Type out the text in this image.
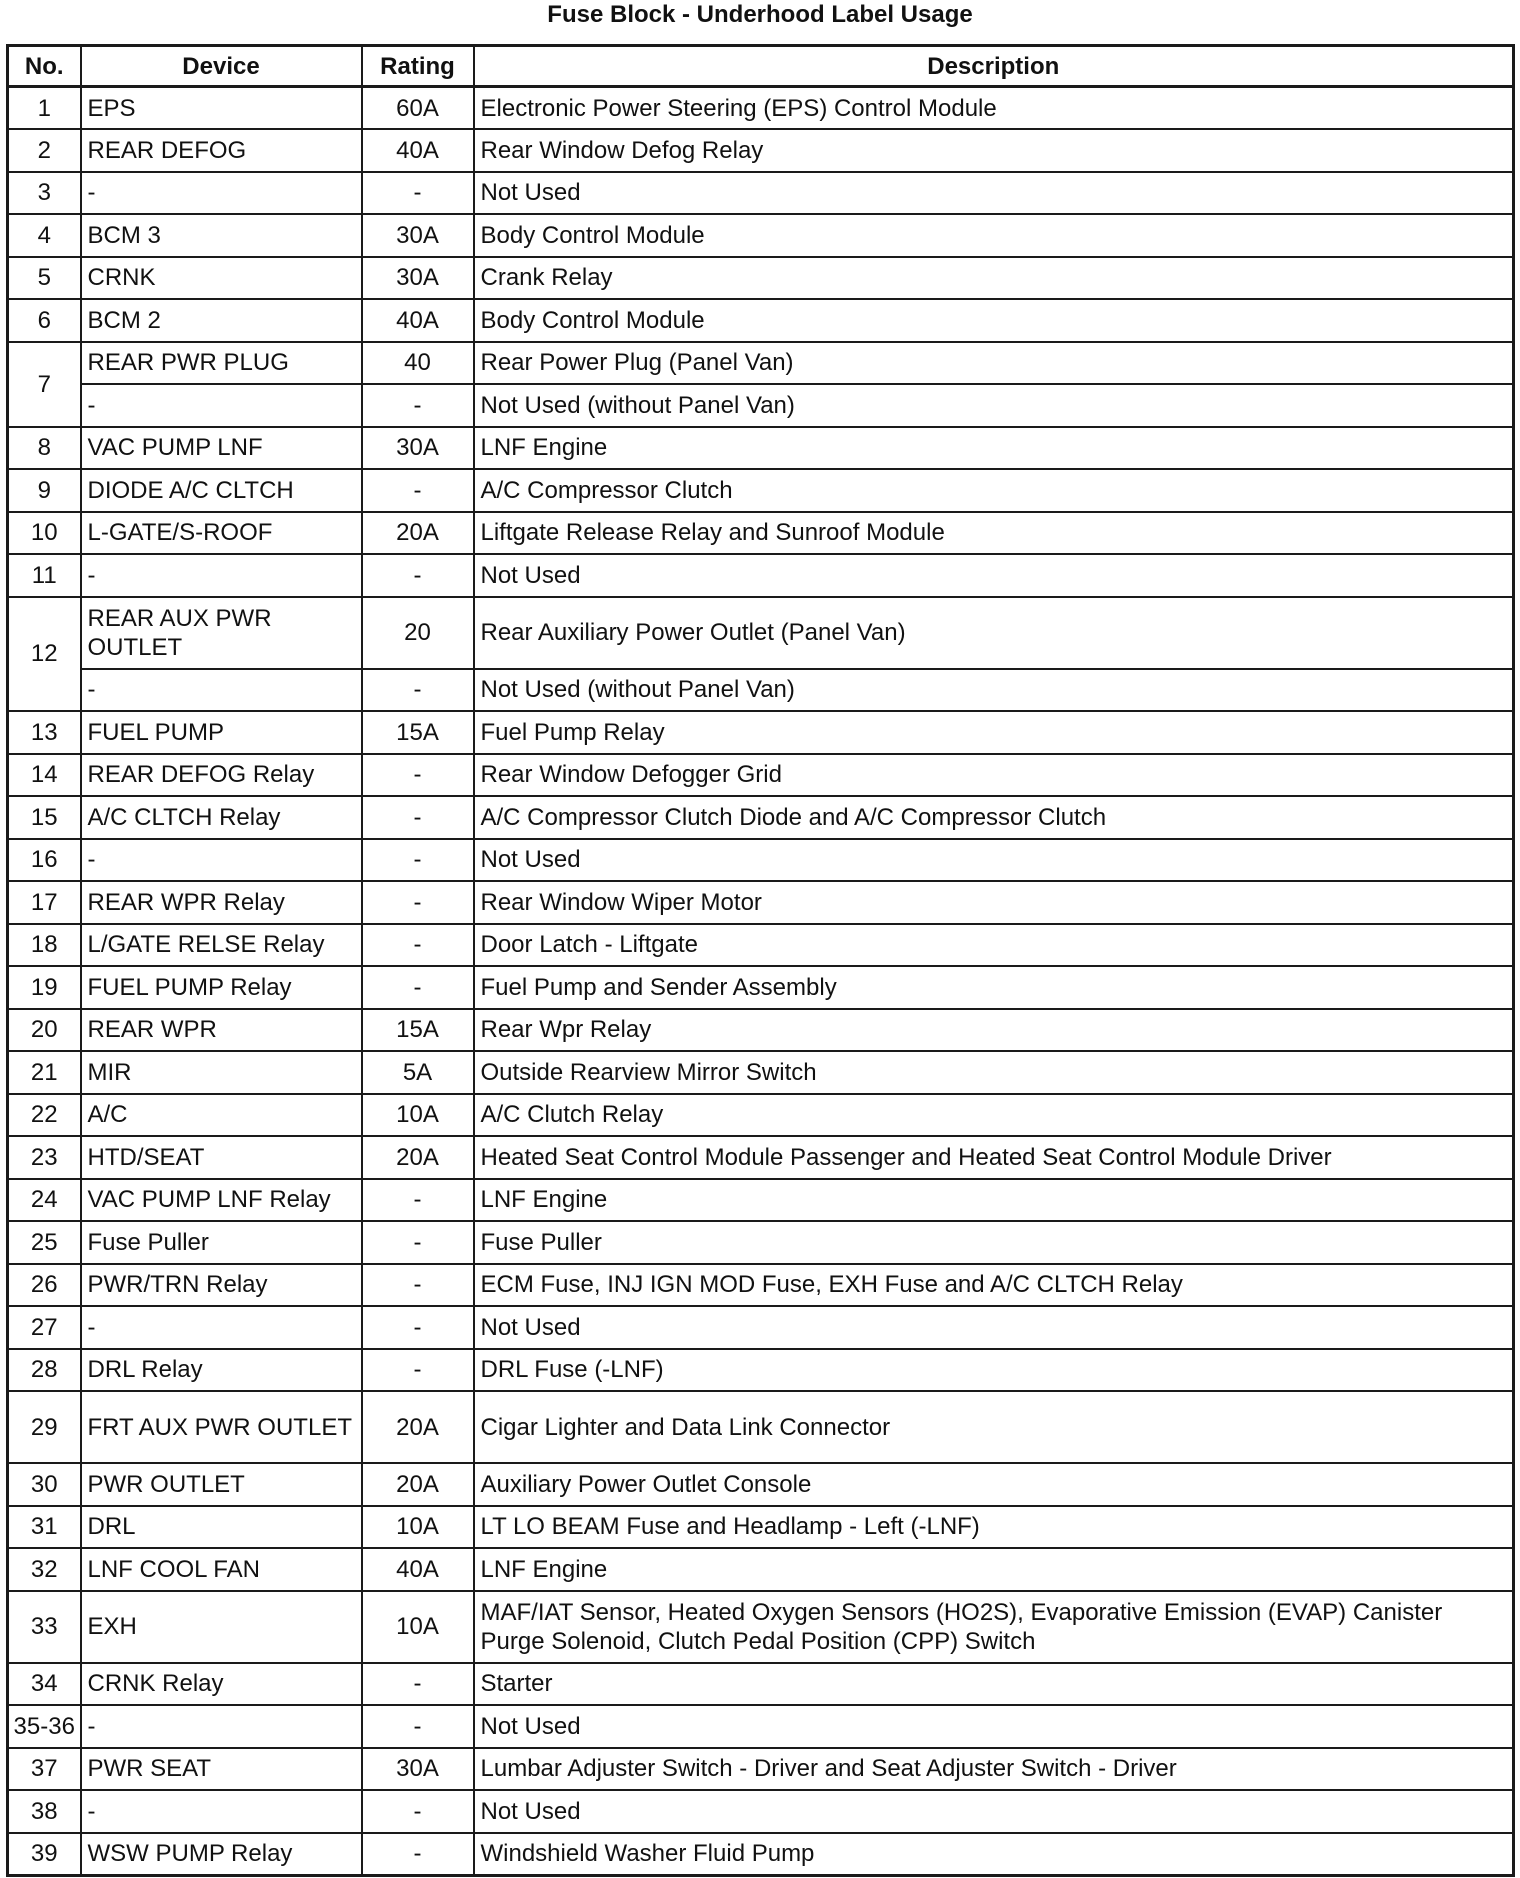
Fuse Block - Underhood Label Usage
No.	Device	Rating	Description
1	EPS	60A	Electronic Power Steering (EPS) Control Module
2	REAR DEFOG	40A	Rear Window Defog Relay
3	-	-	Not Used
4	BCM 3	30A	Body Control Module
5	CRNK	30A	Crank Relay
6	BCM 2	40A	Body Control Module
7	REAR PWR PLUG	40	Rear Power Plug (Panel Van)
	-	-	Not Used (without Panel Van)
8	VAC PUMP LNF	30A	LNF Engine
9	DIODE A/C CLTCH	-	A/C Compressor Clutch
10	L-GATE/S-ROOF	20A	Liftgate Release Relay and Sunroof Module
11	-	-	Not Used
12	REAR AUX PWR OUTLET	20	Rear Auxiliary Power Outlet (Panel Van)
	-	-	Not Used (without Panel Van)
13	FUEL PUMP	15A	Fuel Pump Relay
14	REAR DEFOG Relay	-	Rear Window Defogger Grid
15	A/C CLTCH Relay	-	A/C Compressor Clutch Diode and A/C Compressor Clutch
16	-	-	Not Used
17	REAR WPR Relay	-	Rear Window Wiper Motor
18	L/GATE RELSE Relay	-	Door Latch - Liftgate
19	FUEL PUMP Relay	-	Fuel Pump and Sender Assembly
20	REAR WPR	15A	Rear Wpr Relay
21	MIR	5A	Outside Rearview Mirror Switch
22	A/C	10A	A/C Clutch Relay
23	HTD/SEAT	20A	Heated Seat Control Module Passenger and Heated Seat Control Module Driver
24	VAC PUMP LNF Relay	-	LNF Engine
25	Fuse Puller	-	Fuse Puller
26	PWR/TRN Relay	-	ECM Fuse, INJ IGN MOD Fuse, EXH Fuse and A/C CLTCH Relay
27	-	-	Not Used
28	DRL Relay	-	DRL Fuse (-LNF)
29	FRT AUX PWR OUTLET	20A	Cigar Lighter and Data Link Connector
30	PWR OUTLET	20A	Auxiliary Power Outlet Console
31	DRL	10A	LT LO BEAM Fuse and Headlamp - Left (-LNF)
32	LNF COOL FAN	40A	LNF Engine
33	EXH	10A	MAF/IAT Sensor, Heated Oxygen Sensors (HO2S), Evaporative Emission (EVAP) Canister Purge Solenoid, Clutch Pedal Position (CPP) Switch
34	CRNK Relay	-	Starter
35-36	-	-	Not Used
37	PWR SEAT	30A	Lumbar Adjuster Switch - Driver and Seat Adjuster Switch - Driver
38	-	-	Not Used
39	WSW PUMP Relay	-	Windshield Washer Fluid Pump
